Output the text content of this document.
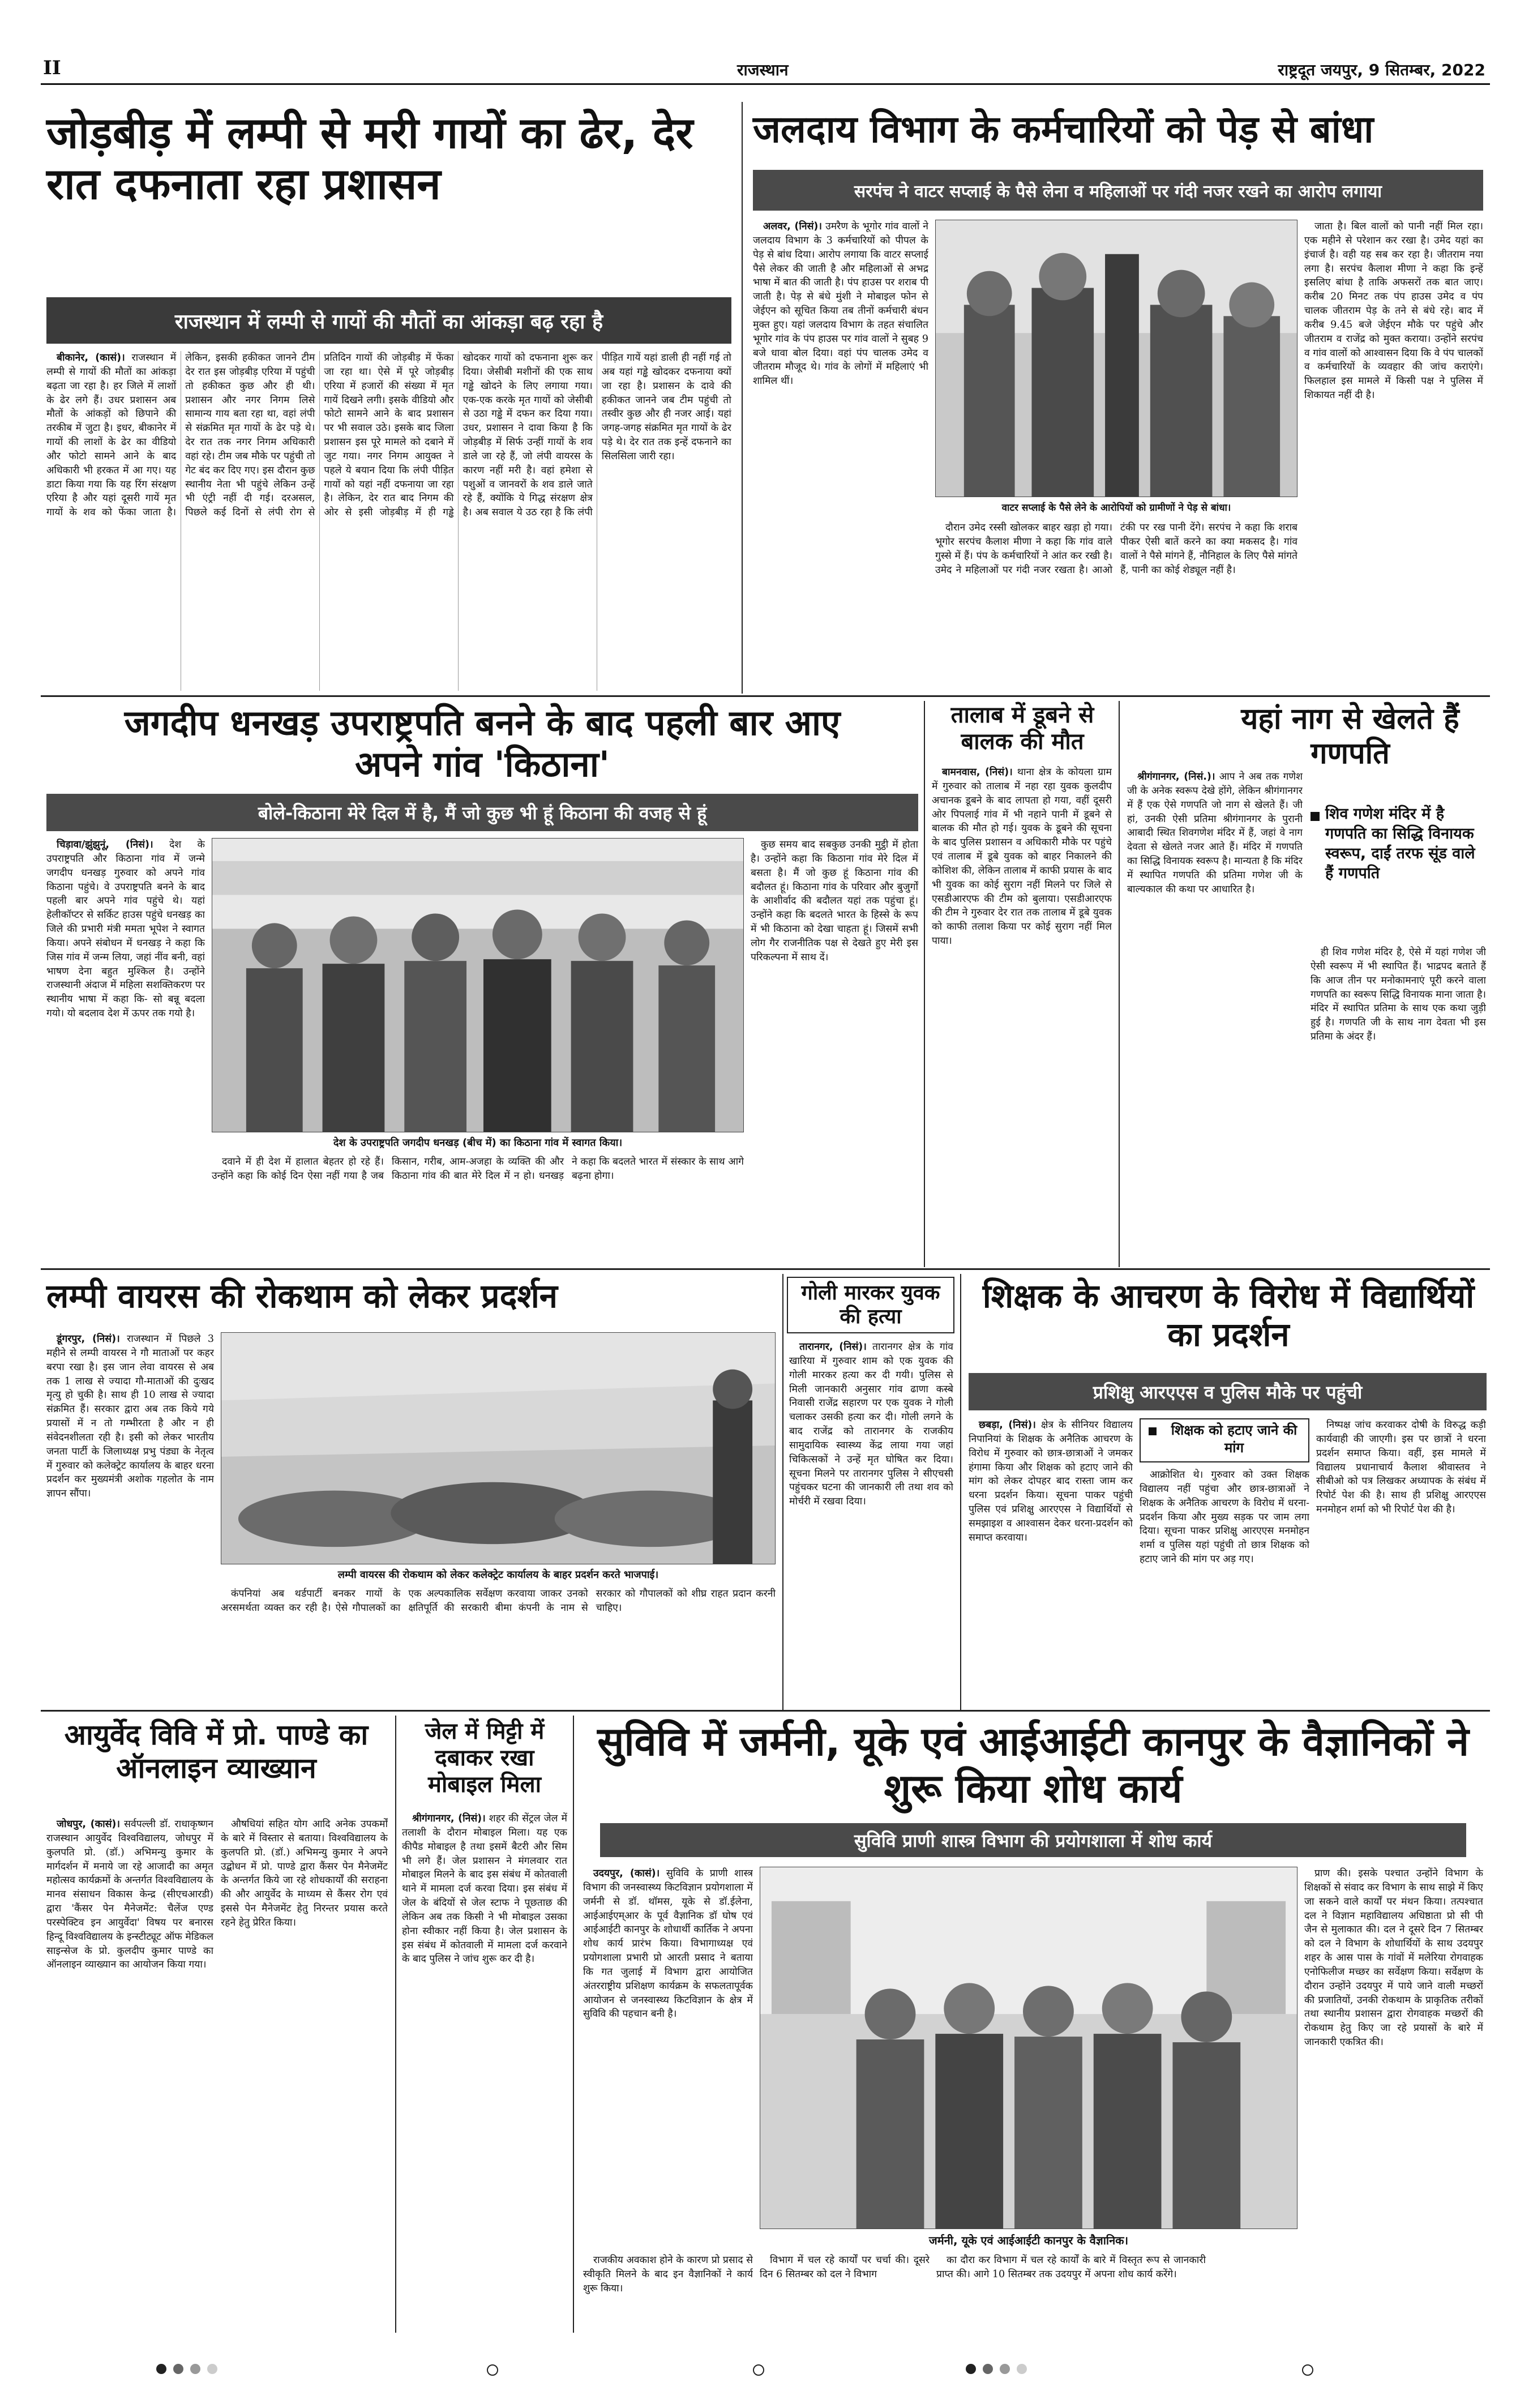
II	राजस्थान	राष्ट्रदूत जयपुर, 9 सितम्बर, 2022
जोड़बीड़ में लम्पी से मरी गायों का ढेर, देर रात दफनाता रहा प्रशासन
राजस्थान में लम्पी से गायों की मौतों का आंकड़ा बढ़ रहा है

बीकानेर, (कासं)। राजस्थान में लम्पी से गायों की मौतों का आंकड़ा बढ़ता जा रहा है। हर जिले में लाशों के ढेर लगे हैं। उधर प्रशासन अब मौतों के आंकड़ों को छिपाने की तरकीब में जुटा है। इधर, बीकानेर में गायों की लाशों के ढेर का वीडियो और फोटो सामने आने के बाद अधिकारी भी हरकत में आ गए। यह डाटा किया गया कि यह रिंग संरक्षण एरिया है और यहां दूसरी गायें मृत गायों के शव को फेंका जाता है। लेकिन, इसकी हकीकत जानने टीम देर रात इस जोड़बीड़ एरिया में पहुंची तो हकीकत कुछ और ही थी। प्रशासन और नगर निगम लिसे सामान्य गाय बता रहा था, वहां लंपी से संक्रमित मृत गायों के ढेर पड़े थे। देर रात तक नगर निगम अधिकारी वहां रहे। टीम जब मौके पर पहुंची तो गेट बंद कर दिए गए। इस दौरान कुछ स्थानीय नेता भी पहुंचे लेकिन उन्हें भी एंट्री नहीं दी गई। दरअसल, पिछले कई दिनों से लंपी रोग से प्रतिदिन गायों की जोड़बीड़ में फेंका जा रहा था। ऐसे में पूरे जोड़बीड़ एरिया में हजारों की संख्या में मृत गायें दिखने लगी। इसके वीडियो और फोटो सामने आने के बाद प्रशासन पर भी सवाल उठे। इसके बाद जिला प्रशासन इस पूरे मामले को दबाने में जुट गया। नगर निगम आयुक्त ने पहले ये बयान दिया कि लंपी पीड़ित गायों को यहां नहीं दफनाया जा रहा है। लेकिन, देर रात बाद निगम की ओर से इसी जोड़बीड़ में ही गड्ढे खोदकर गायों को दफनाना शुरू कर दिया। जेसीबी मशीनों की एक साथ गड्ढे खोदने के लिए लगाया गया। एक-एक करके मृत गायों को जेसीबी से उठा गड्ढे में दफन कर दिया गया। उधर, प्रशासन ने दावा किया है कि जोड़बीड़ में सिर्फ उन्हीं गायों के शव डाले जा रहे हैं, जो लंपी वायरस के कारण नहीं मरी है। वहां हमेशा से पशुओं व जानवरों के शव डाले जाते रहे हैं, क्योंकि ये गिद्ध संरक्षण क्षेत्र है। अब सवाल ये उठ रहा है कि लंपी पीड़ित गायें यहां डाली ही नहीं गई तो अब यहां गड्ढे खोदकर दफनाया क्यों जा रहा है। प्रशासन के दावे की हकीकत जानने जब टीम पहुंची तो तस्वीर कुछ और ही नजर आई। यहां जगह-जगह संक्रमित मृत गायों के ढेर पड़े थे। देर रात तक इन्हें दफनाने का सिलसिला जारी रहा।

जलदाय विभाग के कर्मचारियों को पेड़ से बांधा
सरपंच ने वाटर सप्लाई के पैसे लेना व महिलाओं पर गंदी नजर रखने का आरोप लगाया

अलवर, (निसं)। उमरैण के भूगोर गांव वालों ने जलदाय विभाग के 3 कर्मचारियों को पीपल के पेड़ से बांध दिया। आरोप लगाया कि वाटर सप्लाई पैसे लेकर की जाती है और महिलाओं से अभद्र भाषा में बात की जाती है। पंप हाउस पर शराब पी जाती है। पेड़ से बंधे मुंशी ने मोबाइल फोन से जेईएन को सूचित किया तब तीनों कर्मचारी बंधन मुक्त हुए। यहां जलदाय विभाग के तहत संचालित भूगोर गांव के पंप हाउस पर गांव वालों ने सुबह 9 बजे धावा बोल दिया। वहां पंप चालक उमेद व जीतराम मौजूद थे। गांव के लोगों में महिलाएं भी शामिल थीं।

वाटर सप्लाई के पैसे लेने के आरोपियों को ग्रामीणों ने पेड़ से बांधा।

दौरान उमेद रस्सी खोलकर बाहर खड़ा हो गया। भूगोर सरपंच कैलाश मीणा ने कहा कि गांव वाले गुस्से में हैं। पंप के कर्मचारियों ने आंत कर रखी है। उमेद ने महिलाओं पर गंदी नजर रखता है। आओ टंकी पर रख पानी देंगे। सरपंच ने कहा कि शराब पीकर ऐसी बातें करने का क्या मकसद है। गांव वालों ने पैसे मांगने हैं, नौनिहाल के लिए पैसे मांगते हैं, पानी का कोई शेड्यूल नहीं है।

जाता है। बिल वालों को पानी नहीं मिल रहा। एक महीने से परेशान कर रखा है। उमेद यहां का इंचार्ज है। वही यह सब कर रहा है। जीतराम नया लगा है। सरपंच कैलाश मीणा ने कहा कि इन्हें इसलिए बांधा है ताकि अफसरों तक बात जाए। करीब 20 मिनट तक पंप हाउस उमेद व पंप चालक जीतराम पेड़ के तने से बंधे रहे। बाद में करीब 9.45 बजे जेईएन मौके पर पहुंचे और जीतराम व राजेंद्र को मुक्त कराया। उन्होंने सरपंच व गांव वालों को आश्वासन दिया कि वे पंप चालकों व कर्मचारियों के व्यवहार की जांच कराएंगे। फिलहाल इस मामले में किसी पक्ष ने पुलिस में शिकायत नहीं दी है।

जगदीप धनखड़ उपराष्ट्रपति बनने के बाद पहली बार आए अपने गांव 'किठाना'
बोले-किठाना मेरे दिल में है, मैं जो कुछ भी हूं किठाना की वजह से हूं

चिड़ावा/झुंझुनूं, (निसं)। देश के उपराष्ट्रपति और किठाना गांव में जन्मे जगदीप धनखड़ गुरुवार को अपने गांव किठाना पहुंचे। वे उपराष्ट्रपति बनने के बाद पहली बार अपने गांव पहुंचे थे। यहां हेलीकॉप्टर से सर्किट हाउस पहुंचे धनखड़ का जिले की प्रभारी मंत्री ममता भूपेश ने स्वागत किया। अपने संबोधन में धनखड़ ने कहा कि जिस गांव में जन्म लिया, जहां नींव बनी, वहां भाषण देना बहुत मुश्किल है। उन्होंने राजस्थानी अंदाज में महिला सशक्तिकरण पर स्थानीय भाषा में कहा कि- सो बन्नू बदला गयो। यो बदलाव देश में ऊपर तक गयो है।

देश के उपराष्ट्रपति जगदीप धनखड़ (बीच में) का किठाना गांव में स्वागत किया।

दवाने में ही देश में हालात बेहतर हो रहे हैं। उन्होंने कहा कि कोई दिन ऐसा नहीं गया है जब किसान, गरीब, आम-अजहा के व्यक्ति की और किठाना गांव की बात मेरे दिल में न हो। धनखड़ ने कहा कि बदलते भारत में संस्कार के साथ आगे बढ़ना होगा।

कुछ समय बाद सबकुछ उनकी मुट्ठी में होता है। उन्होंने कहा कि किठाना गांव मेरे दिल में बसता है। मैं जो कुछ हूं किठाना गांव की बदौलत हूं। किठाना गांव के परिवार और बुजुर्गों के आशीर्वाद की बदौलत यहां तक पहुंचा हूं। उन्होंने कहा कि बदलते भारत के हिस्से के रूप में भी किठाना को देखा चाहता हूं। जिसमें सभी लोग गैर राजनीतिक पक्ष से देखते हुए मेरी इस परिकल्पना में साथ दें।

तालाब में डूबने से बालक की मौत

बामनवास, (निसं)। थाना क्षेत्र के कोयला ग्राम में गुरुवार को तालाब में नहा रहा युवक कुलदीप अचानक डूबने के बाद लापता हो गया, वहीं दूसरी ओर पिपलाई गांव में भी नहाने पानी में डूबने से बालक की मौत हो गई। युवक के डूबने की सूचना के बाद पुलिस प्रशासन व अधिकारी मौके पर पहुंचे एवं तालाब में डूबे युवक को बाहर निकालने की कोशिश की, लेकिन तालाब में काफी प्रयास के बाद भी युवक का कोई सुराग नहीं मिलने पर जिले से एसडीआरएफ की टीम को बुलाया। एसडीआरएफ की टीम ने गुरुवार देर रात तक तालाब में डूबे युवक को काफी तलाश किया पर कोई सुराग नहीं मिल पाया।

यहां नाग से खेलते हैं गणपति

श्रीगंगानगर, (निसं.)। आप ने अब तक गणेश जी के अनेक स्वरूप देखे होंगे, लेकिन श्रीगंगानगर में हैं एक ऐसे गणपति जो नाग से खेलते हैं। जी हां, उनकी ऐसी प्रतिमा श्रीगंगानगर के पुरानी आबादी स्थित शिवगणेश मंदिर में हैं, जहां वे नाग देवता से खेलते नजर आते हैं। मंदिर में गणपति का सिद्धि विनायक स्वरूप है। मान्यता है कि मंदिर में स्थापित गणपति की प्रतिमा गणेश जी के बाल्यकाल की कथा पर आधारित है।

शिव गणेश मंदिर में है गणपति का सिद्धि विनायक स्वरूप, दाईं तरफ सूंड वाले हैं गणपति

ही शिव गणेश मंदिर है, ऐसे में यहां गणेश जी ऐसी स्वरूप में भी स्थापित हैं। भाद्रपद बताते हैं कि आज तीन पर मनोकामनाएं पूरी करने वाला गणपति का स्वरूप सिद्धि विनायक माना जाता है। मंदिर में स्थापित प्रतिमा के साथ एक कथा जुड़ी हुई है। गणपति जी के साथ नाग देवता भी इस प्रतिमा के अंदर हैं।

लम्पी वायरस की रोकथाम को लेकर प्रदर्शन

डूंगरपुर, (निसं)। राजस्थान में पिछले 3 महीने से लम्पी वायरस ने गौ माताओं पर कहर बरपा रखा है। इस जान लेवा वायरस से अब तक 1 लाख से ज्यादा गौ-माताओं की दुःखद मृत्यु हो चुकी है। साथ ही 10 लाख से ज्यादा संक्रमित हैं। सरकार द्वारा अब तक किये गये प्रयासों में न तो गम्भीरता है और न ही संवेदनशीलता रही है। इसी को लेकर भारतीय जनता पार्टी के जिलाध्यक्ष प्रभु पंड्या के नेतृत्व में गुरुवार को कलेक्ट्रेट कार्यालय के बाहर धरना प्रदर्शन कर मुख्यमंत्री अशोक गहलोत के नाम ज्ञापन सौंपा।

लम्पी वायरस की रोकथाम को लेकर कलेक्ट्रेट कार्यालय के बाहर प्रदर्शन करते भाजपाई।

कंपनियां अब थर्डपार्टी बनकर गायों के अरसमर्थता व्यक्त कर रही है। ऐसे गौपालकों का एक अल्पकालिक सर्वेक्षण करवाया जाकर उनको क्षतिपूर्ति की सरकारी बीमा कंपनी के नाम से सरकार को गौपालकों को शीघ्र राहत प्रदान करनी चाहिए।

गोली मारकर युवक की हत्या

तारानगर, (निसं)। तारानगर क्षेत्र के गांव खारिया में गुरुवार शाम को एक युवक की गोली मारकर हत्या कर दी गयी। पुलिस से मिली जानकारी अनुसार गांव ढाणा कस्बे निवासी राजेंद्र सहारण पर एक युवक ने गोली चलाकर उसकी हत्या कर दी। गोली लगने के बाद राजेंद्र को तारानगर के राजकीय सामुदायिक स्वास्थ्य केंद्र लाया गया जहां चिकित्सकों ने उन्हें मृत घोषित कर दिया। सूचना मिलने पर तारानगर पुलिस ने सीएचसी पहुंचकर घटना की जानकारी ली तथा शव को मोर्चरी में रखवा दिया।

शिक्षक के आचरण के विरोध में विद्यार्थियों का प्रदर्शन
प्रशिक्षु आरएएस व पुलिस मौके पर पहुंची

छबड़ा, (निसं)। क्षेत्र के सीनियर विद्यालय निपानियां के शिक्षक के अनैतिक आचरण के विरोध में गुरुवार को छात्र-छात्राओं ने जमकर हंगामा किया और शिक्षक को हटाए जाने की मांग को लेकर दोपहर बाद रास्ता जाम कर धरना प्रदर्शन किया। सूचना पाकर पहुंची पुलिस एवं प्रशिक्षु आरएएस ने विद्यार्थियों से समझाइश व आश्वासन देकर धरना-प्रदर्शन को समाप्त करवाया।

शिक्षक को हटाए जाने की मांग

आक्रोशित थे। गुरुवार को उक्त शिक्षक विद्यालय नहीं पहुंचा और छात्र-छात्राओं ने शिक्षक के अनैतिक आचरण के विरोध में धरना-प्रदर्शन किया और मुख्य सड़क पर जाम लगा दिया। सूचना पाकर प्रशिक्षु आरएएस मनमोहन शर्मा व पुलिस यहां पहुंची तो छात्र शिक्षक को हटाए जाने की मांग पर अड़ गए।

निष्पक्ष जांच करवाकर दोषी के विरुद्ध कड़ी कार्यवाही की जाएगी। इस पर छात्रों ने धरना प्रदर्शन समाप्त किया। वहीं, इस मामले में विद्यालय प्रधानाचार्य कैलाश श्रीवास्तव ने सीबीओ को पत्र लिखकर अध्यापक के संबंध में रिपोर्ट पेश की है। साथ ही प्रशिक्षु आरएएस मनमोहन शर्मा को भी रिपोर्ट पेश की है।

आयुर्वेद विवि में प्रो. पाण्डे का ऑनलाइन व्याख्यान

जोधपुर, (कासं)। सर्वपल्ली डॉ. राधाकृष्णन राजस्थान आयुर्वेद विश्वविद्यालय, जोधपुर में कुलपति प्रो. (डॉ.) अभिमन्यु कुमार के मार्गदर्शन में मनाये जा रहे आजादी का अमृत महोत्सव कार्यक्रमों के अन्तर्गत विश्वविद्यालय के मानव संसाधन विकास केन्द्र (सीएचआरडी) द्वारा 'कैंसर पेन मैनेजमेंट: चैलेंज एण्ड परस्पेक्टिव इन आयुर्वेदा' विषय पर बनारस हिन्दू विश्वविद्यालय के इन्स्टीट्यूट ऑफ मेडिकल साइन्सेज के प्रो. कुलदीप कुमार पाण्डे का ऑनलाइन व्याख्यान का आयोजन किया गया।

औषधियां सहित योग आदि अनेक उपकर्मों के बारे में विस्तार से बताया। विश्वविद्यालय के कुलपति प्रो. (डॉ.) अभिमन्यु कुमार ने अपने उद्बोधन में प्रो. पाण्डे द्वारा कैंसर पेन मैनेजमेंट के अन्तर्गत किये जा रहे शोधकार्यों की सराहना की और आयुर्वेद के माध्यम से कैंसर रोग एवं इससे पेन मैनेजमेंट हेतु निरन्तर प्रयास करते रहने हेतु प्रेरित किया।

जेल में मिट्टी में दबाकर रखा मोबाइल मिला

श्रीगंगानगर, (निसं)। शहर की सेंट्रल जेल में तलाशी के दौरान मोबाइल मिला। यह एक कीपैड मोबाइल है तथा इसमें बैटरी और सिम भी लगे हैं। जेल प्रशासन ने मंगलवार रात मोबाइल मिलने के बाद इस संबंध में कोतवाली थाने में मामला दर्ज करवा दिया। इस संबंध में जेल के बंदियों से जेल स्टाफ ने पूछताछ की लेकिन अब तक किसी ने भी मोबाइल उसका होना स्वीकार नहीं किया है। जेल प्रशासन के इस संबंध में कोतवाली में मामला दर्ज करवाने के बाद पुलिस ने जांच शुरू कर दी है।

सुविवि में जर्मनी, यूके एवं आईआईटी कानपुर के वैज्ञानिकों ने शुरू किया शोध कार्य
सुविवि प्राणी शास्त्र विभाग की प्रयोगशाला में शोध कार्य

उदयपुर, (कासं)। सुविवि के प्राणी शास्त्र विभाग की जनस्वास्थ्य किटविज्ञान प्रयोगशाला में जर्मनी से डॉ. थॉमस, यूके से डॉ.ईलेना, आईआईएम्आर के पूर्व वैज्ञानिक डॉ घोष एवं आईआईटी कानपुर के शोधार्थी कार्तिक ने अपना शोध कार्य प्रारंभ किया। विभागाध्यक्ष एवं प्रयोगशाला प्रभारी प्रो आरती प्रसाद ने बताया कि गत जुलाई में विभाग द्वारा आयोजित अंतरराष्ट्रीय प्रशिक्षण कार्यक्रम के सफलतापूर्वक आयोजन से जनस्वास्थ्य किटविज्ञान के क्षेत्र में सुविवि की पहचान बनी है।

जर्मनी, यूके एवं आईआईटी कानपुर के वैज्ञानिक।

राजकीय अवकाश होने के कारण प्रो प्रसाद से स्वीकृति मिलने के बाद इन वैज्ञानिकों ने कार्य शुरू किया।

विभाग में चल रहे कार्यों पर चर्चा की। दूसरे दिन 6 सितम्बर को दल ने विभाग

प्राण की। इसके पश्चात उन्होंने विभाग के शिक्षकों से संवाद कर विभाग के साथ साझे में किए जा सकने वाले कार्यों पर मंथन किया। तत्पश्चात दल ने विज्ञान महाविद्यालय अधिष्ठाता प्रो सी पी जैन से मुलाकात की। दल ने दूसरे दिन 7 सितम्बर को दल ने विभाग के शोधार्थियों के साथ उदयपुर शहर के आस पास के गांवों में मलेरिया रोगवाहक एनोफिलीज मच्छर का सर्वेक्षण किया। सर्वेक्षण के दौरान उन्होंने उदयपुर में पाये जाने वाली मच्छरों की प्रजातियों, उनकी रोकथाम के प्राकृतिक तरीकों तथा स्थानीय प्रशासन द्वारा रोगवाहक मच्छरों की रोकथाम हेतु किए जा रहे प्रयासों के बारे में जानकारी एकत्रित की।

का दौरा कर विभाग में चल रहे कार्यों के बारे में विस्तृत रूप से जानकारी प्राप्त की। आगे 10 सितम्बर तक उदयपुर में अपना शोध कार्य करेंगे।
